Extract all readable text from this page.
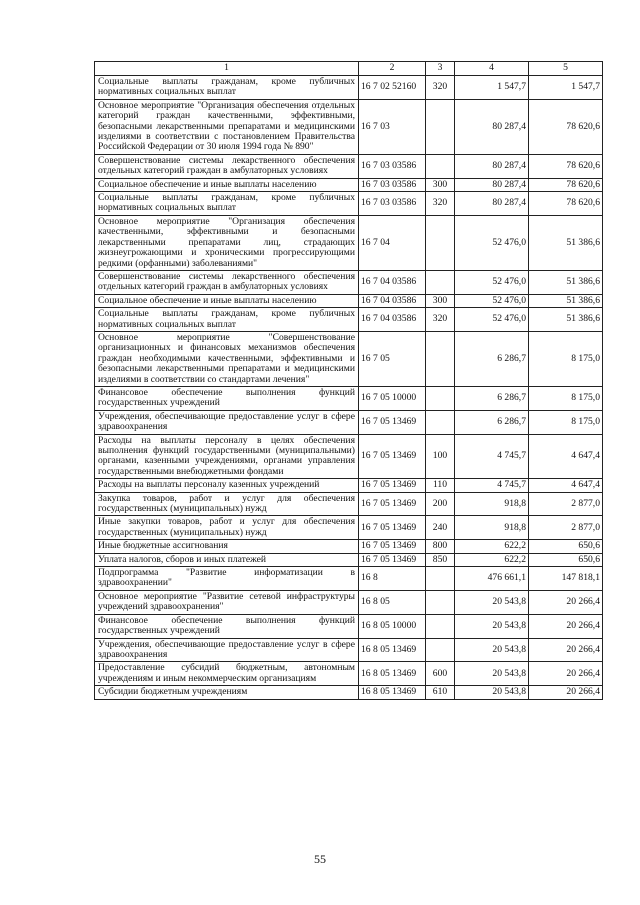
1	2	3	4	5
Социальные выплаты гражданам, кроме публичных нормативных социальных выплат	16 7 02 52160	320	1 547,7	1 547,7
Основное мероприятие "Организация обеспечения отдельных категорий граждан качественными, эффективными, безопасными лекарственными препаратами и медицинскими изделиями в соответствии с постановлением Правительства Российской Федерации от 30 июля 1994 года № 890"	16 7 03		80 287,4	78 620,6
Совершенствование системы лекарственного обеспечения отдельных категорий граждан в амбулаторных условиях	16 7 03 03586		80 287,4	78 620,6
Социальное обеспечение и иные выплаты населению	16 7 03 03586	300	80 287,4	78 620,6
Социальные выплаты гражданам, кроме публичных нормативных социальных выплат	16 7 03 03586	320	80 287,4	78 620,6
Основное мероприятие "Организация обеспечения качественными, эффективными и безопасными лекарственными препаратами лиц, страдающих жизнеугрожающими и хроническими прогрессирующими редкими (орфанными) заболеваниями"	16 7 04		52 476,0	51 386,6
Совершенствование системы лекарственного обеспечения отдельных категорий граждан в амбулаторных условиях	16 7 04 03586		52 476,0	51 386,6
Социальное обеспечение и иные выплаты населению	16 7 04 03586	300	52 476,0	51 386,6
Социальные выплаты гражданам, кроме публичных нормативных социальных выплат	16 7 04 03586	320	52 476,0	51 386,6
Основное мероприятие "Совершенствование организационных и финансовых механизмов обеспечения граждан необходимыми качественными, эффективными и безопасными лекарственными препаратами и медицинскими изделиями в соответствии со стандартами лечения"	16 7 05		6 286,7	8 175,0
Финансовое обеспечение выполнения функций государственных учреждений	16 7 05 10000		6 286,7	8 175,0
Учреждения, обеспечивающие предоставление услуг в сфере здравоохранения	16 7 05 13469		6 286,7	8 175,0
Расходы на выплаты персоналу в целях обеспечения выполнения функций государственными (муниципальными) органами, казенными учреждениями, органами управления государственными внебюджетными фондами	16 7 05 13469	100	4 745,7	4 647,4
Расходы на выплаты персоналу казенных учреждений	16 7 05 13469	110	4 745,7	4 647,4
Закупка товаров, работ и услуг для обеспечения государственных (муниципальных) нужд	16 7 05 13469	200	918,8	2 877,0
Иные закупки товаров, работ и услуг для обеспечения государственных (муниципальных) нужд	16 7 05 13469	240	918,8	2 877,0
Иные бюджетные ассигнования	16 7 05 13469	800	622,2	650,6
Уплата налогов, сборов и иных платежей	16 7 05 13469	850	622,2	650,6
Подпрограмма "Развитие информатизации в здравоохранении"	16 8		476 661,1	147 818,1
Основное мероприятие "Развитие сетевой инфраструктуры учреждений здравоохранения"	16 8 05		20 543,8	20 266,4
Финансовое обеспечение выполнения функций государственных учреждений	16 8 05 10000		20 543,8	20 266,4
Учреждения, обеспечивающие предоставление услуг в сфере здравоохранения	16 8 05 13469		20 543,8	20 266,4
Предоставление субсидий бюджетным, автономным учреждениям и иным некоммерческим организациям	16 8 05 13469	600	20 543,8	20 266,4
Субсидии бюджетным учреждениям	16 8 05 13469	610	20 543,8	20 266,4
55
